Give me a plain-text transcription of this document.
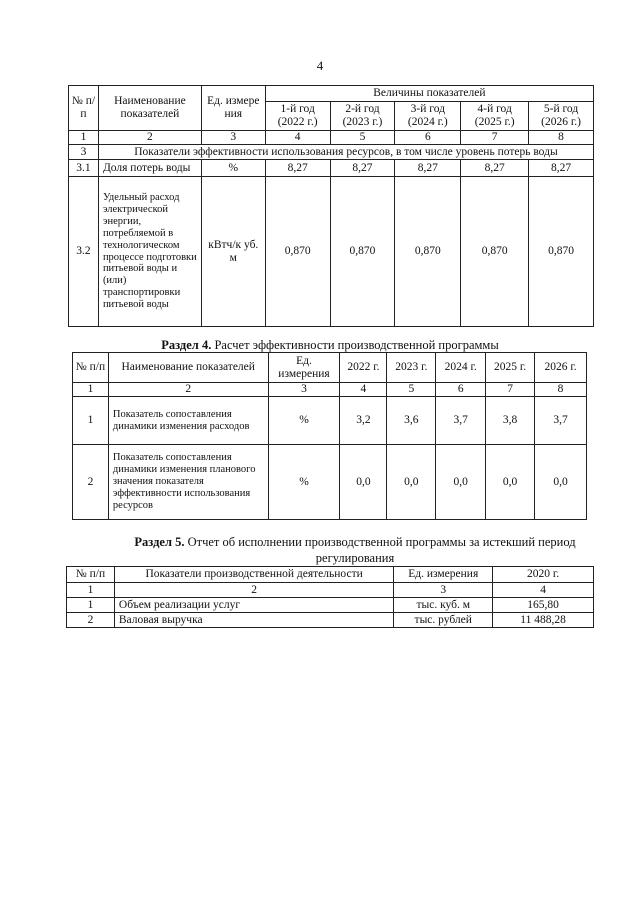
4
№ п/п	Наименование показателей	Ед. измере ния	Величины показателей				
			1-й год (2022 г.)	2-й год (2023 г.)	3-й год (2024 г.)	4-й год (2025 г.)	5-й год (2026 г.)
1	2	3	4	5	6	7	8
3	Показатели эффективности использования ресурсов, в том числе уровень потерь воды						
3.1	Доля потерь воды	%	8,27	8,27	8,27	8,27	8,27
3.2	Удельный расход электрической энергии, потребляемой в технологическом процессе подготовки питьевой воды и (или) транспортировки питьевой воды	кВтч/к уб. м	0,870	0,870	0,870	0,870	0,870
Раздел 4. Расчет эффективности производственной программы
№ п/п	Наименование показателей	Ед. измерения	2022 г.	2023 г.	2024 г.	2025 г.	2026 г.
1	2	3	4	5	6	7	8
1	Показатель сопоставления динамики изменения расходов	%	3,2	3,6	3,7	3,8	3,7
2	Показатель сопоставления динамики изменения планового значения показателя эффективности использования ресурсов	%	0,0	0,0	0,0	0,0	0,0
Раздел 5. Отчет об исполнении производственной программы за истекший период регулирования
№ п/п	Показатели производственной деятельности	Ед. измерения	2020 г.
1	2	3	4
1	Объем реализации услуг	тыс. куб. м	165,80
2	Валовая выручка	тыс. рублей	11 488,28
